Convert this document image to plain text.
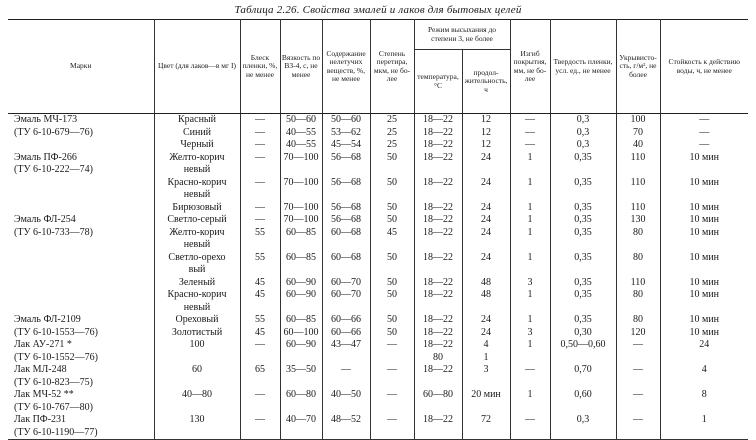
Таблица 2.26. Свойства эмалей и лаков для бытовых целей
Марки	Цвет (для лаков—в мг I)	Блеск пленки, %, не менее	Вязкость по ВЗ-4, с, не менее	Содержание нелетучих веществ, %, не менее	Степень перетира, мкм, не более	Режим высыхания до степени 3, не более		Изгиб покрытия, мм, не более	Твердость пленки, усл. ед., не менее	Укрывистость, г/м², не более	Стойкость к действию воды, ч, не менее
						температура, °С	продолжительность, ч				
Эмаль МЧ-173	Красный	—	50—60	50—60	25	18—22	12	—	0,3	100	—
(ТУ 6-10-679—76)	Синий	—	40—55	53—62	25	18—22	12	—	0,3	70	—
	Черный	—	40—55	45—54	25	18—22	12	—	0,3	40	—
Эмаль ПФ-266	Желто-корич	—	70—100	56—68	50	18—22	24	1	0,35	110	10 мин
(ТУ 6-10-222—74)	невый										
	Красно-корич	—	70—100	56—68	50	18—22	24	1	0,35	110	10 мин
	невый										
	Бирюзовый	—	70—100	56—68	50	18—22	24	1	0,35	110	10 мин
Эмаль ФЛ-254	Светло-серый	—	70—100	56—68	50	18—22	24	1	0,35	130	10 мин
(ТУ 6-10-733—78)	Желто-корич	55	60—85	60—68	45	18—22	24	1	0,35	80	10 мин
	невый										
	Светло-орехо	55	60—85	60—68	50	18—22	24	1	0,35	80	10 мин
	вый										
	Зеленый	45	60—90	60—70	50	18—22	48	3	0,35	110	10 мин
	Красно-корич	45	60—90	60—70	50	18—22	48	1	0,35	80	10 мин
	невый										
Эмаль ФЛ-2109	Ореховый	55	60—85	60—66	50	18—22	24	1	0,35	80	10 мин
(ТУ 6-10-1553—76)	Золотистый	45	60—100	60—66	50	18—22	24	3	0,30	120	10 мин
Лак АУ-271 *	100	—	60—90	43—47	—	18—22	4	1	0,50—0,60	—	24
(ТУ 6-10-1552—76)						80	1				
Лак МЛ-248	60	65	35—50	—	—	18—22	3	—	0,70	—	4
(ТУ 6-10-823—75)											
Лак МЧ-52 **	40—80	—	60—80	40—50	—	60—80	20 мин	1	0,60	—	8
(ТУ 6-10-767—80)											
Лак ПФ-231	130	—	40—70	48—52	—	18—22	72	—	0,3	—	1
(ТУ 6-10-1190—77)											
